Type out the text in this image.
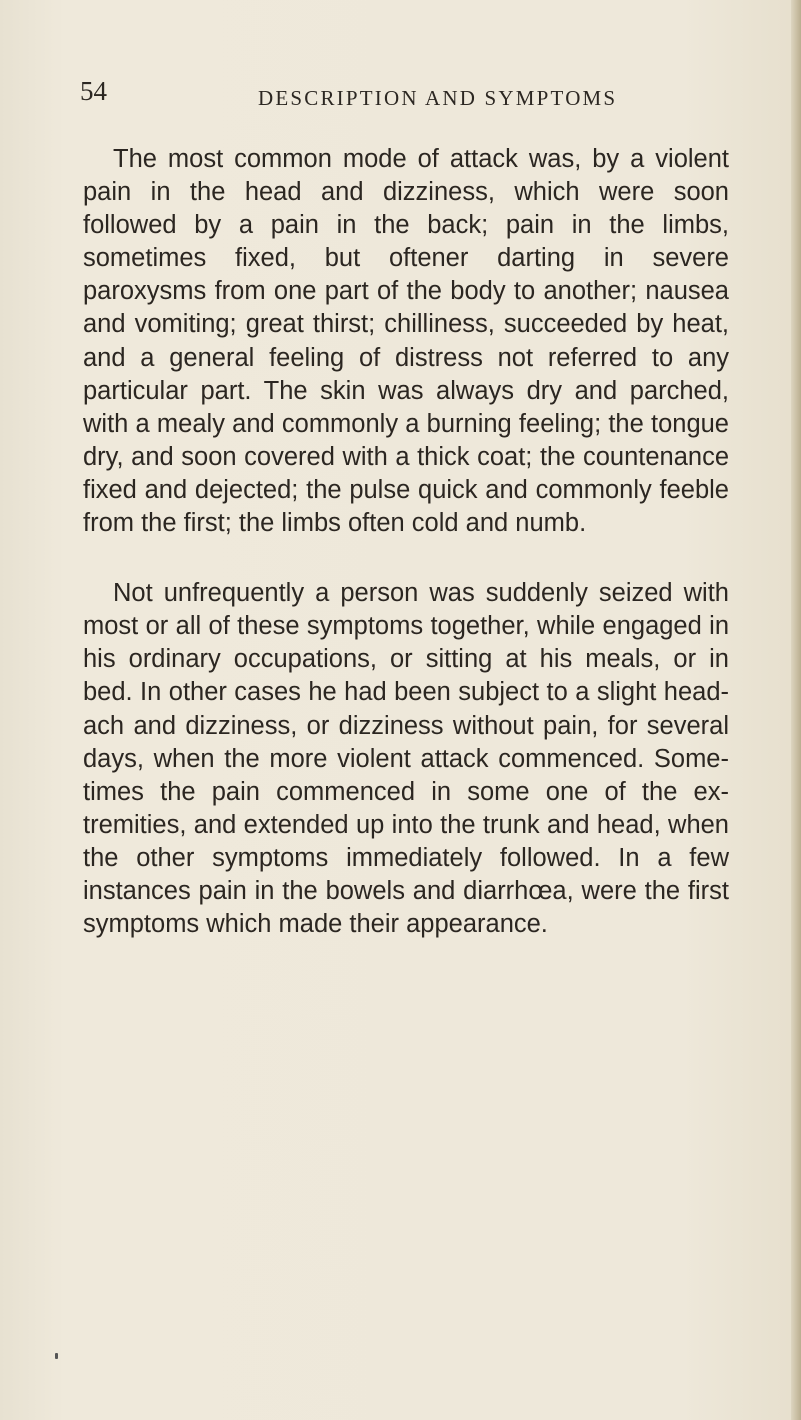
54	DESCRIPTION AND SYMPTOMS

The most common mode of attack was, by a violent pain in the head and dizziness, which were soon followed by a pain in the back; pain in the limbs, sometimes fixed, but oftener darting in severe paroxysms from one part of the body to another; nausea and vomiting; great thirst; chilliness, succeeded by heat, and a general feeling of distress not referred to any particular part. The skin was always dry and parched, with a mealy and commonly a burning feeling; the tongue dry, and soon covered with a thick coat; the countenance fixed and dejected; the pulse quick and commonly feeble from the first; the limbs often cold and numb.

Not unfrequently a person was suddenly seized with most or all of these symptoms together, while engaged in his ordinary occupations, or sitting at his meals, or in bed. In other cases he had been subject to a slight head-ach and dizziness, or dizziness without pain, for several days, when the more violent attack commenced. Sometimes the pain commenced in some one of the extremities, and extended up into the trunk and head, when the other symptoms immediately followed. In a few instances pain in the bowels and diarrhœa, were the first symptoms which made their appearance.
